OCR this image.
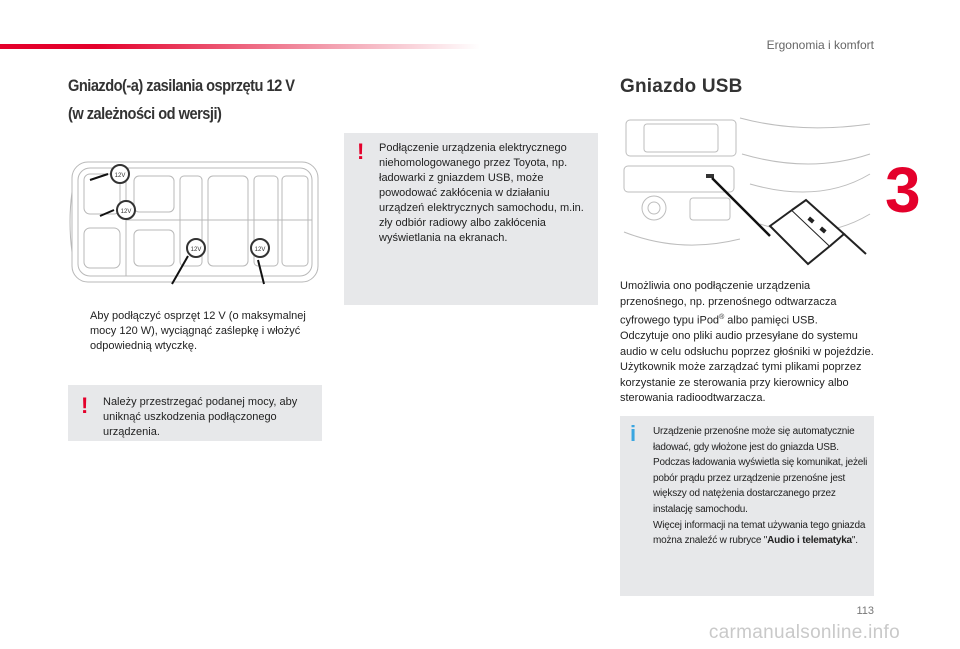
Ergonomia i komfort
3
Gniazdo(-a) zasilania osprzętu 12 V
(w zależności od wersji)
12V
12V
12V	12V
Aby podłączyć osprzęt 12 V (o maksymalnej mocy 120 W), wyciągnąć zaślepkę i włożyć odpowiednią wtyczkę.
! Należy przestrzegać podanej mocy, aby uniknąć uszkodzenia podłączonego urządzenia.
! Podłączenie urządzenia elektrycznego niehomologowanego przez Toyota, np. ładowarki z gniazdem USB, może powodować zakłócenia w działaniu urządzeń elektrycznych samochodu, m.in. zły odbiór radiowy albo zakłócenia wyświetlania na ekranach.
Gniazdo USB

Umożliwia ono podłączenie urządzenia przenośnego, np. przenośnego odtwarzacza cyfrowego typu iPod® albo pamięci USB.

Odczytuje ono pliki audio przesyłane do systemu audio w celu odsłuchu poprzez głośniki w pojeździe.

Użytkownik może zarządzać tymi plikami poprzez korzystanie ze sterowania przy kierownicy albo sterowania radioodtwarzacza.

i Urządzenie przenośne może się automatycznie ładować, gdy włożone jest do gniazda USB.
Podczas ładowania wyświetla się komunikat, jeżeli pobór prądu przez urządzenie przenośne jest większy od natężenia dostarczanego przez instalację samochodu.
Więcej informacji na temat używania tego gniazda można znaleźć w rubryce "Audio i telematyka".
113
carmanualsonline.info
